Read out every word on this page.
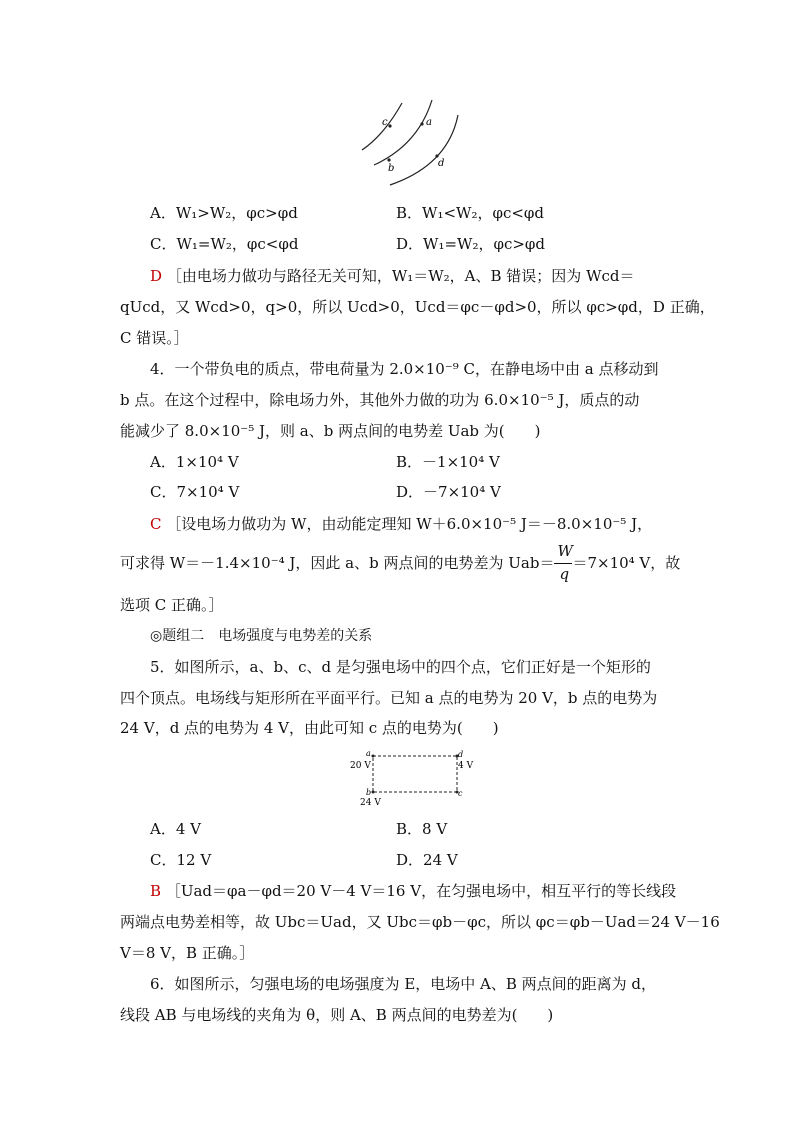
c	a
b	d
A．W₁>W₂，φc>φd	B．W₁<W₂，φc<φd
C．W₁=W₂，φc<φd	D．W₁=W₂，φc>φd
D ［由电场力做功与路径无关可知，W₁＝W₂，A、B 错误；因为 Wcd＝
qUcd，又 Wcd>0，q>0，所以 Ucd>0，Ucd＝φc－φd>0，所以 φc>φd，D 正确，
C 错误。］
4．一个带负电的质点，带电荷量为 2.0×10⁻⁹ C，在静电场中由 a 点移动到
b 点。在这个过程中，除电场力外，其他外力做的功为 6.0×10⁻⁵ J，质点的动
能减少了 8.0×10⁻⁵ J，则 a、b 两点间的电势差 Uab 为(　　)
A．1×10⁴ V	B．－1×10⁴ V
C．7×10⁴ V	D．－7×10⁴ V
C ［设电场力做功为 W，由动能定理知 W＋6.0×10⁻⁵ J＝－8.0×10⁻⁵ J，
可求得 W＝－1.4×10⁻⁴ J，因此 a、b 两点间的电势差为 $Uab= \frac{W}{q} =7\times 10^4$ V，故
选项 C 正确。］
◎题组二　电场强度与电势差的关系
5．如图所示，a、b、c、d 是匀强电场中的四个点，它们正好是一个矩形的
四个顶点。电场线与矩形所在平面平行。已知 a 点的电势为 20 V，b 点的电势为
24 V，d 点的电势为 4 V，由此可知 c 点的电势为(　　)
a	d
b	c
20 V	4 V
24 V
A．4 V	B．8 V
C．12 V	D．24 V
B ［Uad＝φa－φd＝20 V－4 V＝16 V，在匀强电场中，相互平行的等长线段
两端点电势差相等，故 Ubc＝Uad，又 Ubc＝φb－φc，所以 φc＝φb－Uad＝24 V－16
V＝8 V，B 正确。］
6．如图所示，匀强电场的电场强度为 E，电场中 A、B 两点间的距离为 d，
线段 AB 与电场线的夹角为 θ，则 A、B 两点间的电势差为(　　)
